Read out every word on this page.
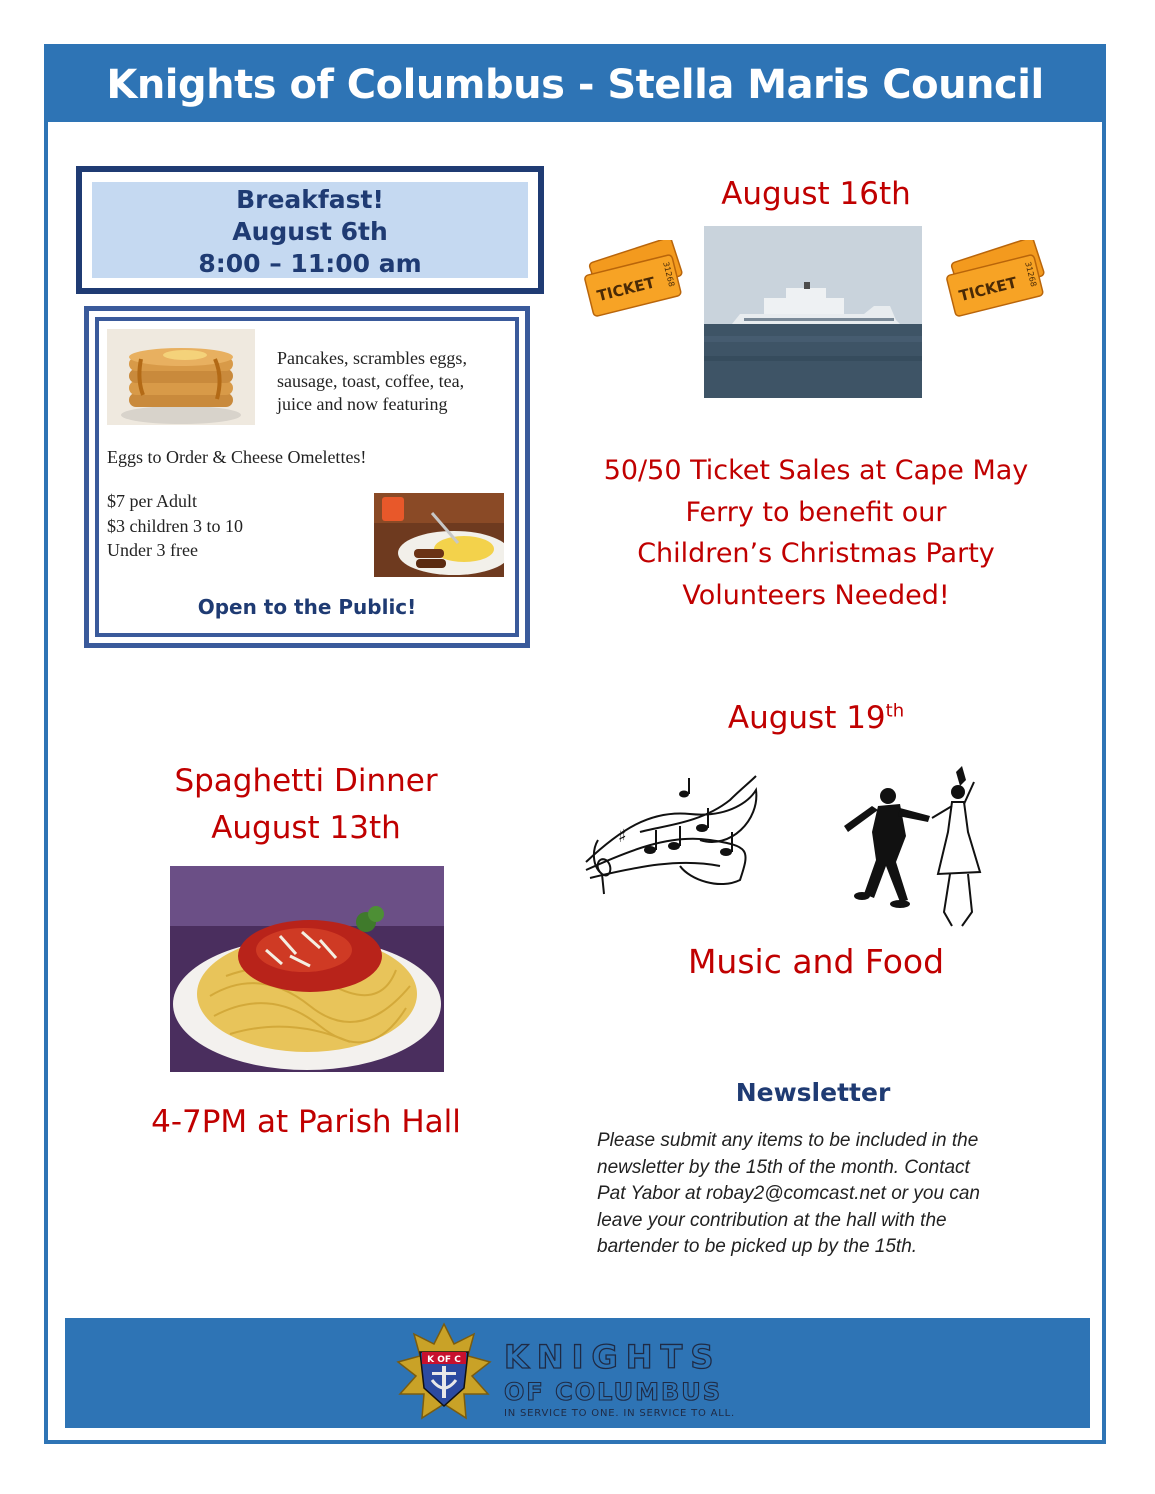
Knights of Columbus - Stella Maris Council #3546
Breakfast!
August 6th
8:00 – 11:00 am
Pancakes, scrambles eggs,
sausage, toast, coffee, tea,
juice and now featuring
Eggs to Order & Cheese Omelettes!
$7 per Adult
$3 children 3 to 10
Under 3 free
Open to the Public!
August 16th
TICKET 31268	TICKET 31268
50/50 Ticket Sales at Cape May
Ferry to benefit our
Children’s Christmas Party
Volunteers Needed!
August 19th
♯
Music and Food
Spaghetti Dinner
August 13th
4-7PM at Parish Hall
Newsletter
Please submit any items to be included in the
newsletter by the 15th of the month. Contact
Pat Yabor at robay2@comcast.net or you can
leave your contribution at the hall with the
bartender to be picked up by the 15th.
K OF C KNIGHTS
OF COLUMBUS
IN SERVICE TO ONE. IN SERVICE TO ALL.
